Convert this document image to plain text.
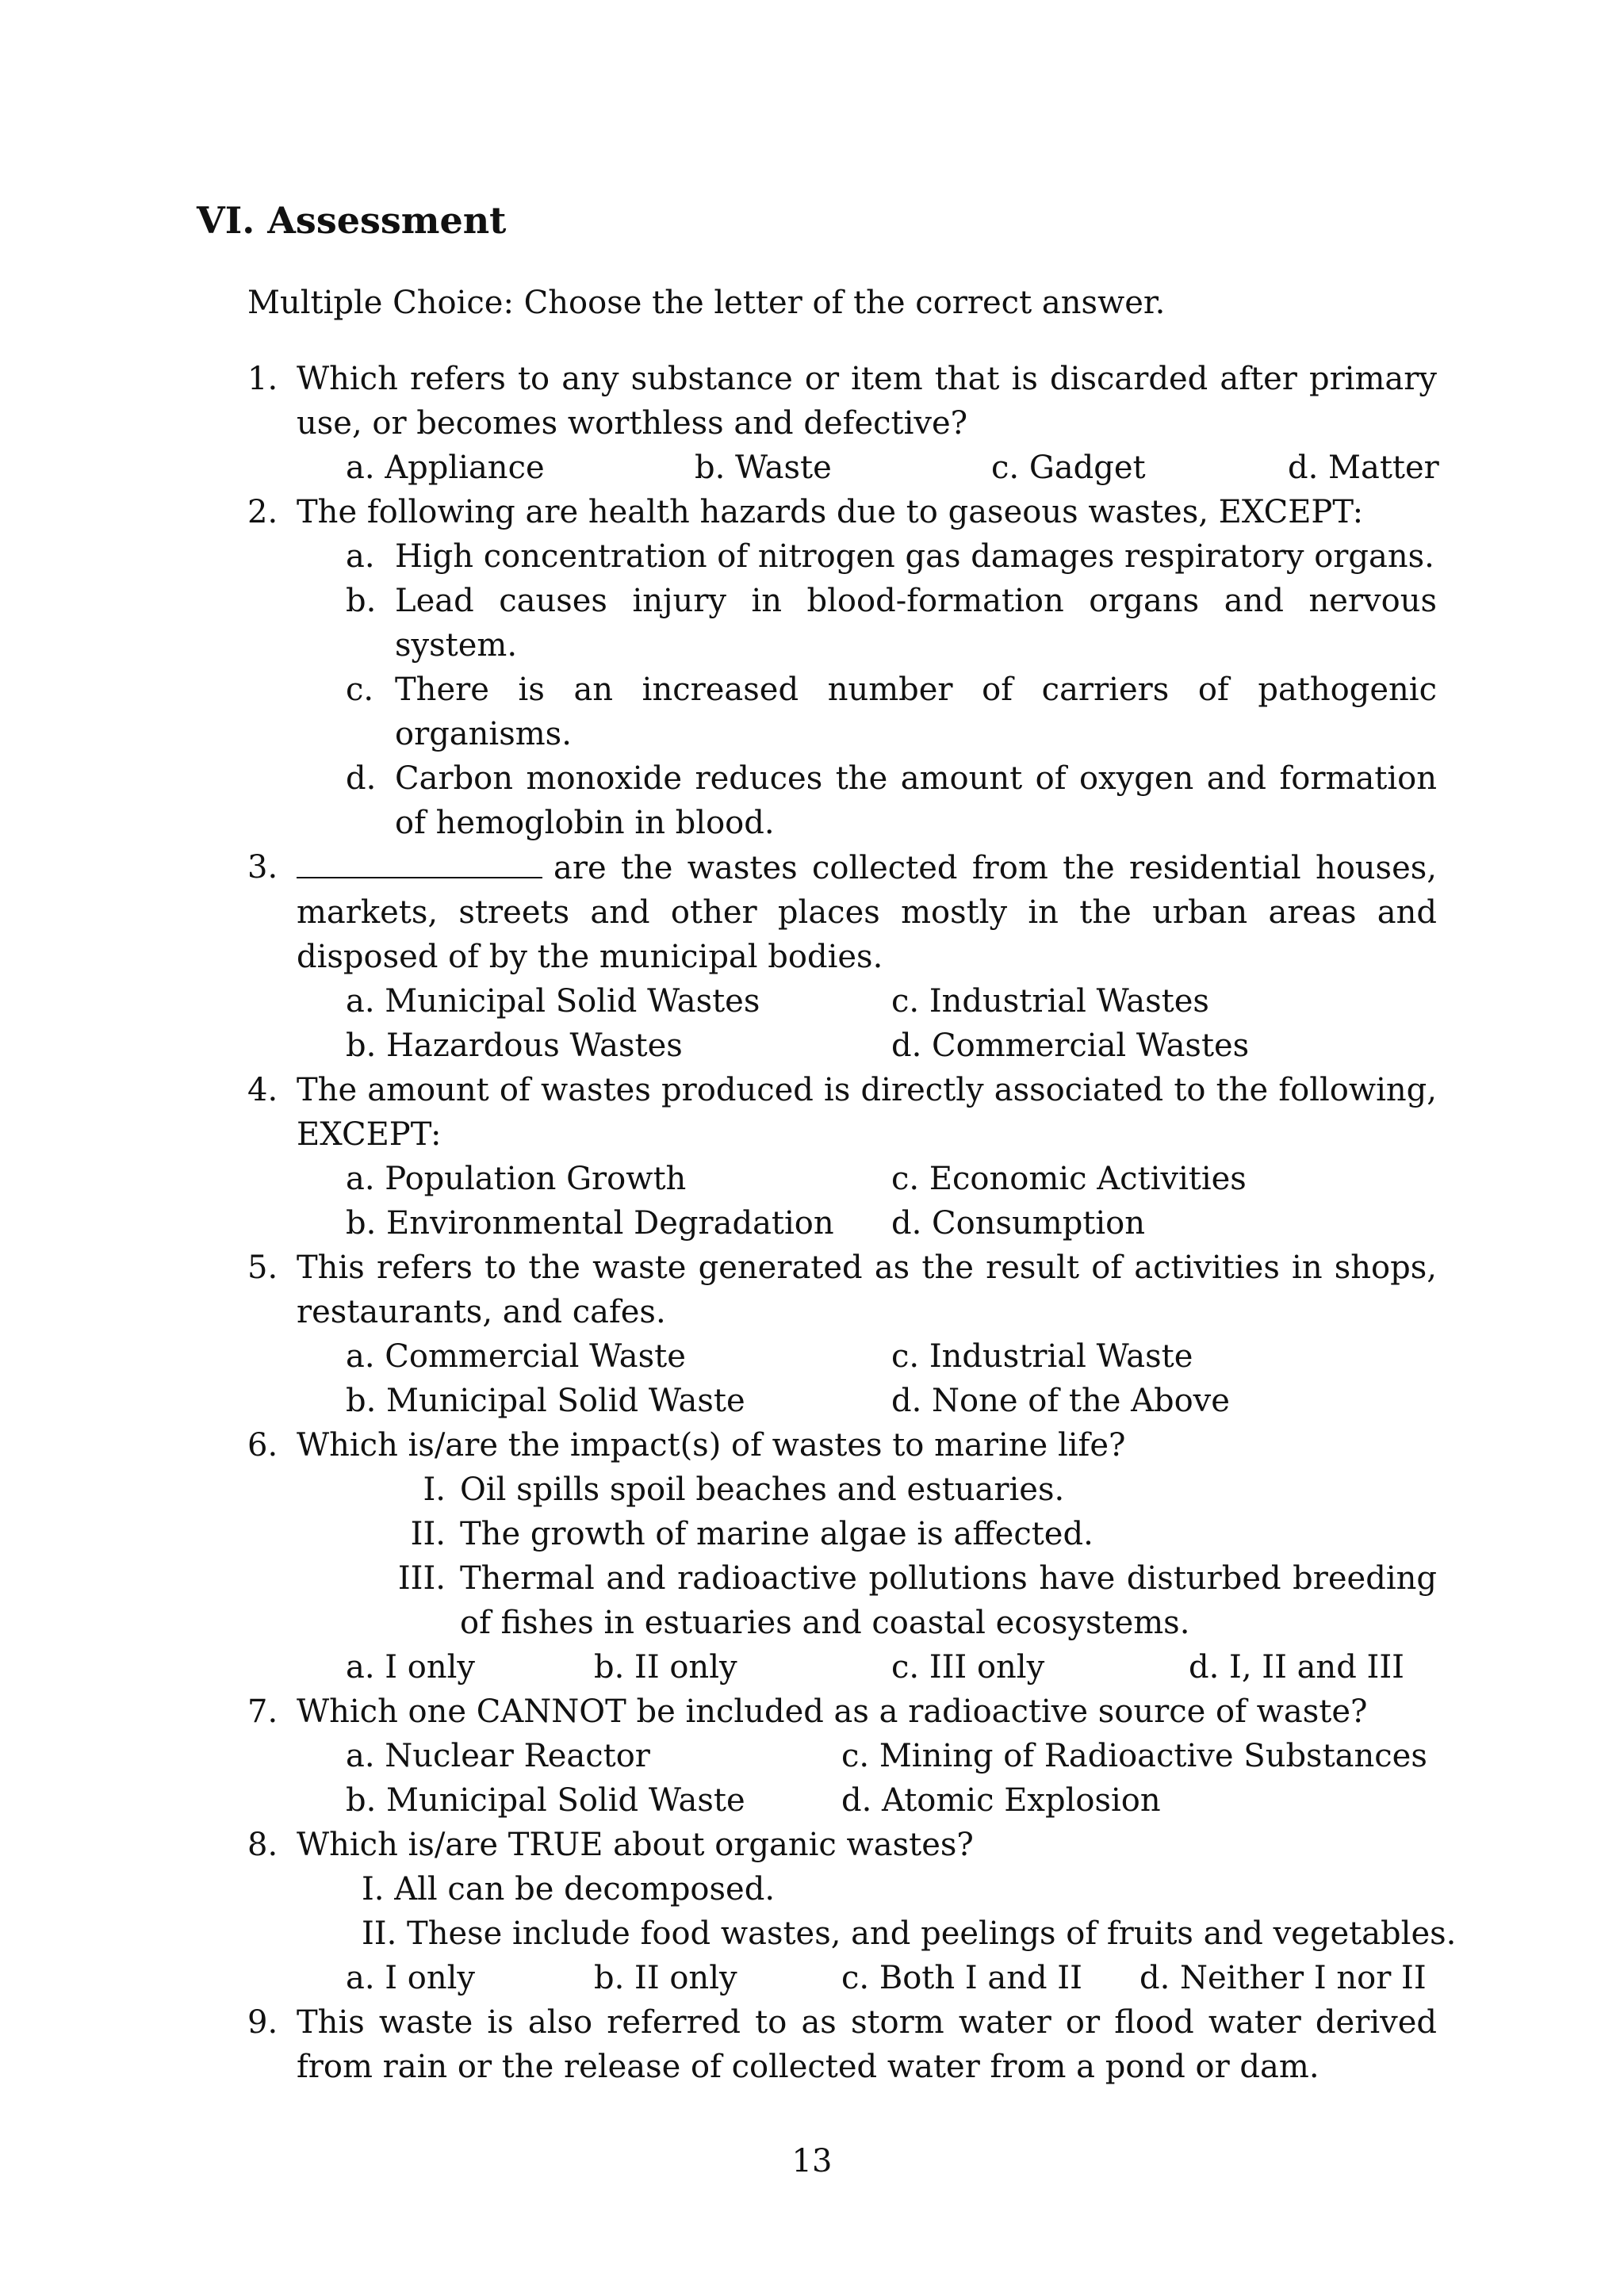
VI. Assessment

Multiple Choice: Choose the letter of the correct answer.

1. Which refers to any substance or item that is discarded after primary use, or becomes worthless and defective?
a. Appliance	b. Waste	c. Gadget	d. Matter
2. The following are health hazards due to gaseous wastes, EXCEPT:
a. High concentration of nitrogen gas damages respiratory organs.
b. Lead causes injury in blood-formation organs and nervous system.
c. There is an increased number of carriers of pathogenic organisms.
d. Carbon monoxide reduces the amount of oxygen and formation of hemoglobin in blood.
3.	are the wastes collected from the residential houses, markets, streets and other places mostly in the urban areas and disposed of by the municipal bodies.
a. Municipal Solid Wastes	c. Industrial Wastes
b. Hazardous Wastes	d. Commercial Wastes
4. The amount of wastes produced is directly associated to the following, EXCEPT:
a. Population Growth	c. Economic Activities
b. Environmental Degradation d. Consumption
5. This refers to the waste generated as the result of activities in shops, restaurants, and cafes.
a. Commercial Waste	c. Industrial Waste
b. Municipal Solid Waste	d. None of the Above
6. Which is/are the impact(s) of wastes to marine life?
I. Oil spills spoil beaches and estuaries.
II. The growth of marine algae is affected.
III. Thermal and radioactive pollutions have disturbed breeding of fishes in estuaries and coastal ecosystems.
a. I only	b. II only	c. III only	d. I, II and III
7. Which one CANNOT be included as a radioactive source of waste?
a. Nuclear Reactor	c. Mining of Radioactive Substances
b. Municipal Solid Waste	d. Atomic Explosion
8. Which is/are TRUE about organic wastes?
I. All can be decomposed.
II. These include food wastes, and peelings of fruits and vegetables.
a. I only	b. II only	c. Both I and II d. Neither I nor II
9. This waste is also referred to as storm water or flood water derived from rain or the release of collected water from a pond or dam.
13
